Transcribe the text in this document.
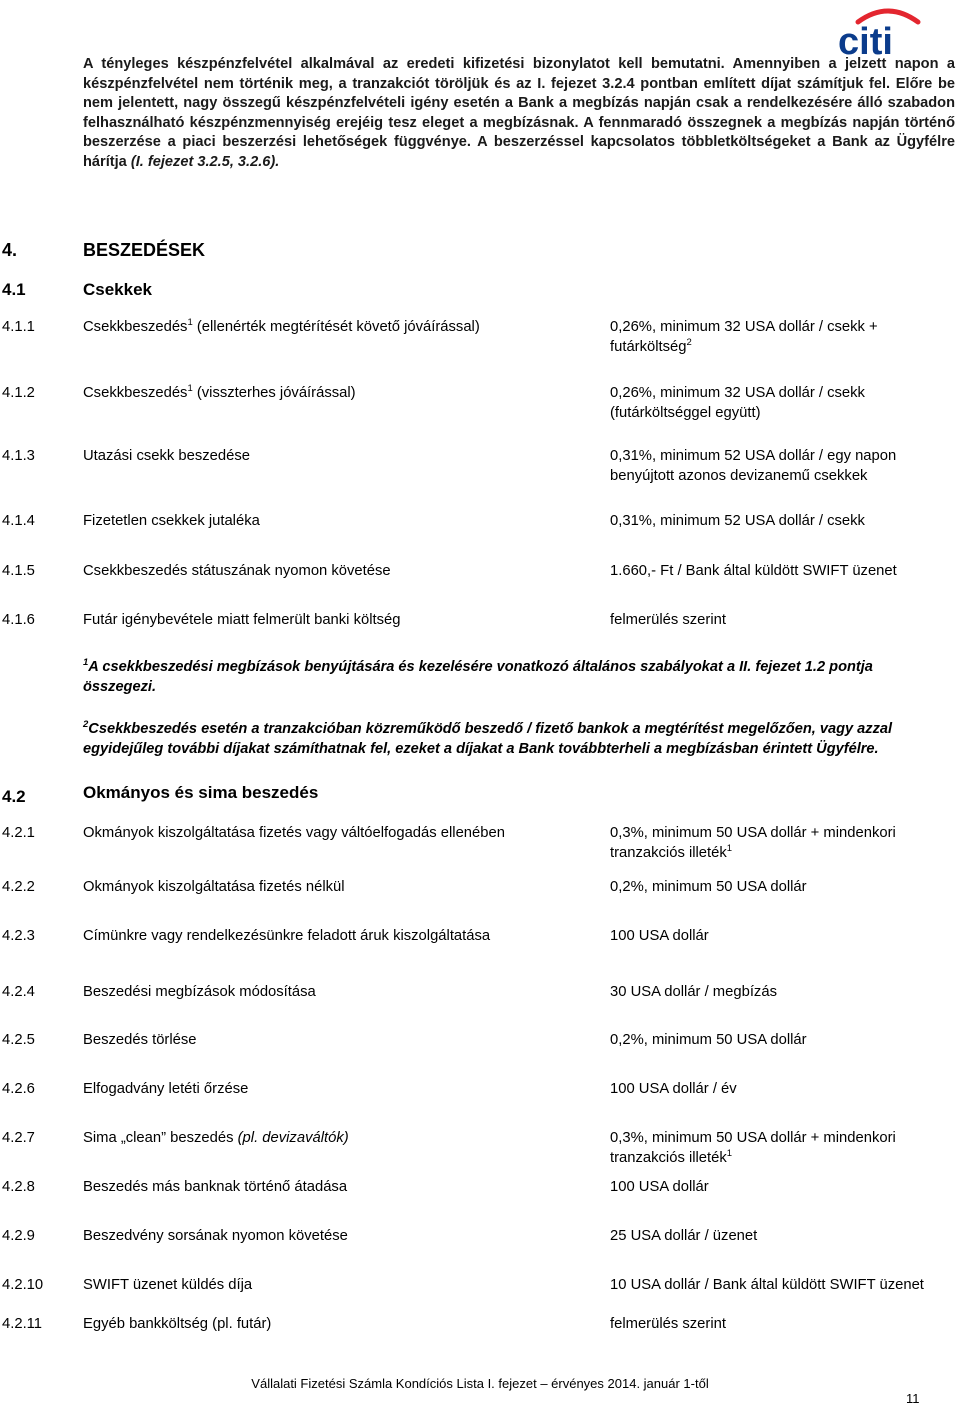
citi

A tényleges készpénzfelvétel alkalmával az eredeti kifizetési bizonylatot kell bemutatni. Amennyiben a jelzett napon a készpénzfelvétel nem történik meg, a tranzakciót töröljük és az I. fejezet 3.2.4 pontban említett díjat számítjuk fel. Előre be nem jelentett, nagy összegű készpénzfelvételi igény esetén a Bank a megbízás napján csak a rendelkezésére álló szabadon felhasználható készpénzmennyiség erejéig tesz eleget a megbízásnak. A fennmaradó összegnek a megbízás napján történő beszerzése a piaci beszerzési lehetőségek függvénye. A beszerzéssel kapcsolatos többletköltségeket a Bank az Ügyfélre hárítja (I. fejezet 3.2.5, 3.2.6).

4.	BESZEDÉSEK
4.1	Csekkek
4.1.1	Csekkbeszedés$^1$ (ellenérték megtérítését követő jóváírással)	0,26%, minimum 32 USA dollár / csekk + futárköltség$^2$
4.1.2	Csekkbeszedés$^1$ (visszterhes jóváírással)	0,26%, minimum 32 USA dollár / csekk (futárköltséggel együtt)
4.1.3	Utazási csekk beszedése	0,31%, minimum 52 USA dollár / egy napon benyújtott azonos devizanemű csekkek
4.1.4	Fizetetlen csekkek jutaléka	0,31%, minimum 52 USA dollár / csekk
4.1.5	Csekkbeszedés státuszának nyomon követése	1.660,- Ft / Bank által küldött SWIFT üzenet
4.1.6	Futár igénybevétele miatt felmerült banki költség	felmerülés szerint

$^1$A csekkbeszedési megbízások benyújtására és kezelésére vonatkozó általános szabályokat a II. fejezet 1.2 pontja összegezi.

$^2$Csekkbeszedés esetén a tranzakcióban közreműködő beszedő / fizető bankok a megtérítést megelőzően, vagy azzal egyidejűleg további díjakat számíthatnak fel, ezeket a díjakat a Bank továbbterheli a megbízásban érintett Ügyfélre.

4.2	Okmányos és sima beszedés
4.2.1	Okmányok kiszolgáltatása fizetés vagy váltóelfogadás ellenében	0,3%, minimum 50 USA dollár + mindenkori tranzakciós illeték$^1$
4.2.2	Okmányok kiszolgáltatása fizetés nélkül	0,2%, minimum 50 USA dollár
4.2.3	Címünkre vagy rendelkezésünkre feladott áruk kiszolgáltatása	100 USA dollár
4.2.4	Beszedési megbízások módosítása	30 USA dollár / megbízás
4.2.5	Beszedés törlése	0,2%, minimum 50 USA dollár
4.2.6	Elfogadvány letéti őrzése	100 USA dollár / év
4.2.7	Sima „clean” beszedés (pl. devizaváltók)	0,3%, minimum 50 USA dollár + mindenkori tranzakciós illeték$^1$
4.2.8	Beszedés más banknak történő átadása	100 USA dollár
4.2.9	Beszedvény sorsának nyomon követése	25 USA dollár / üzenet
4.2.10	SWIFT üzenet küldés díja	10 USA dollár / Bank által küldött SWIFT üzenet
4.2.11	Egyéb bankköltség (pl. futár)	felmerülés szerint
Vállalati Fizetési Számla Kondíciós Lista I. fejezet – érvényes 2014. január 1-től
11
